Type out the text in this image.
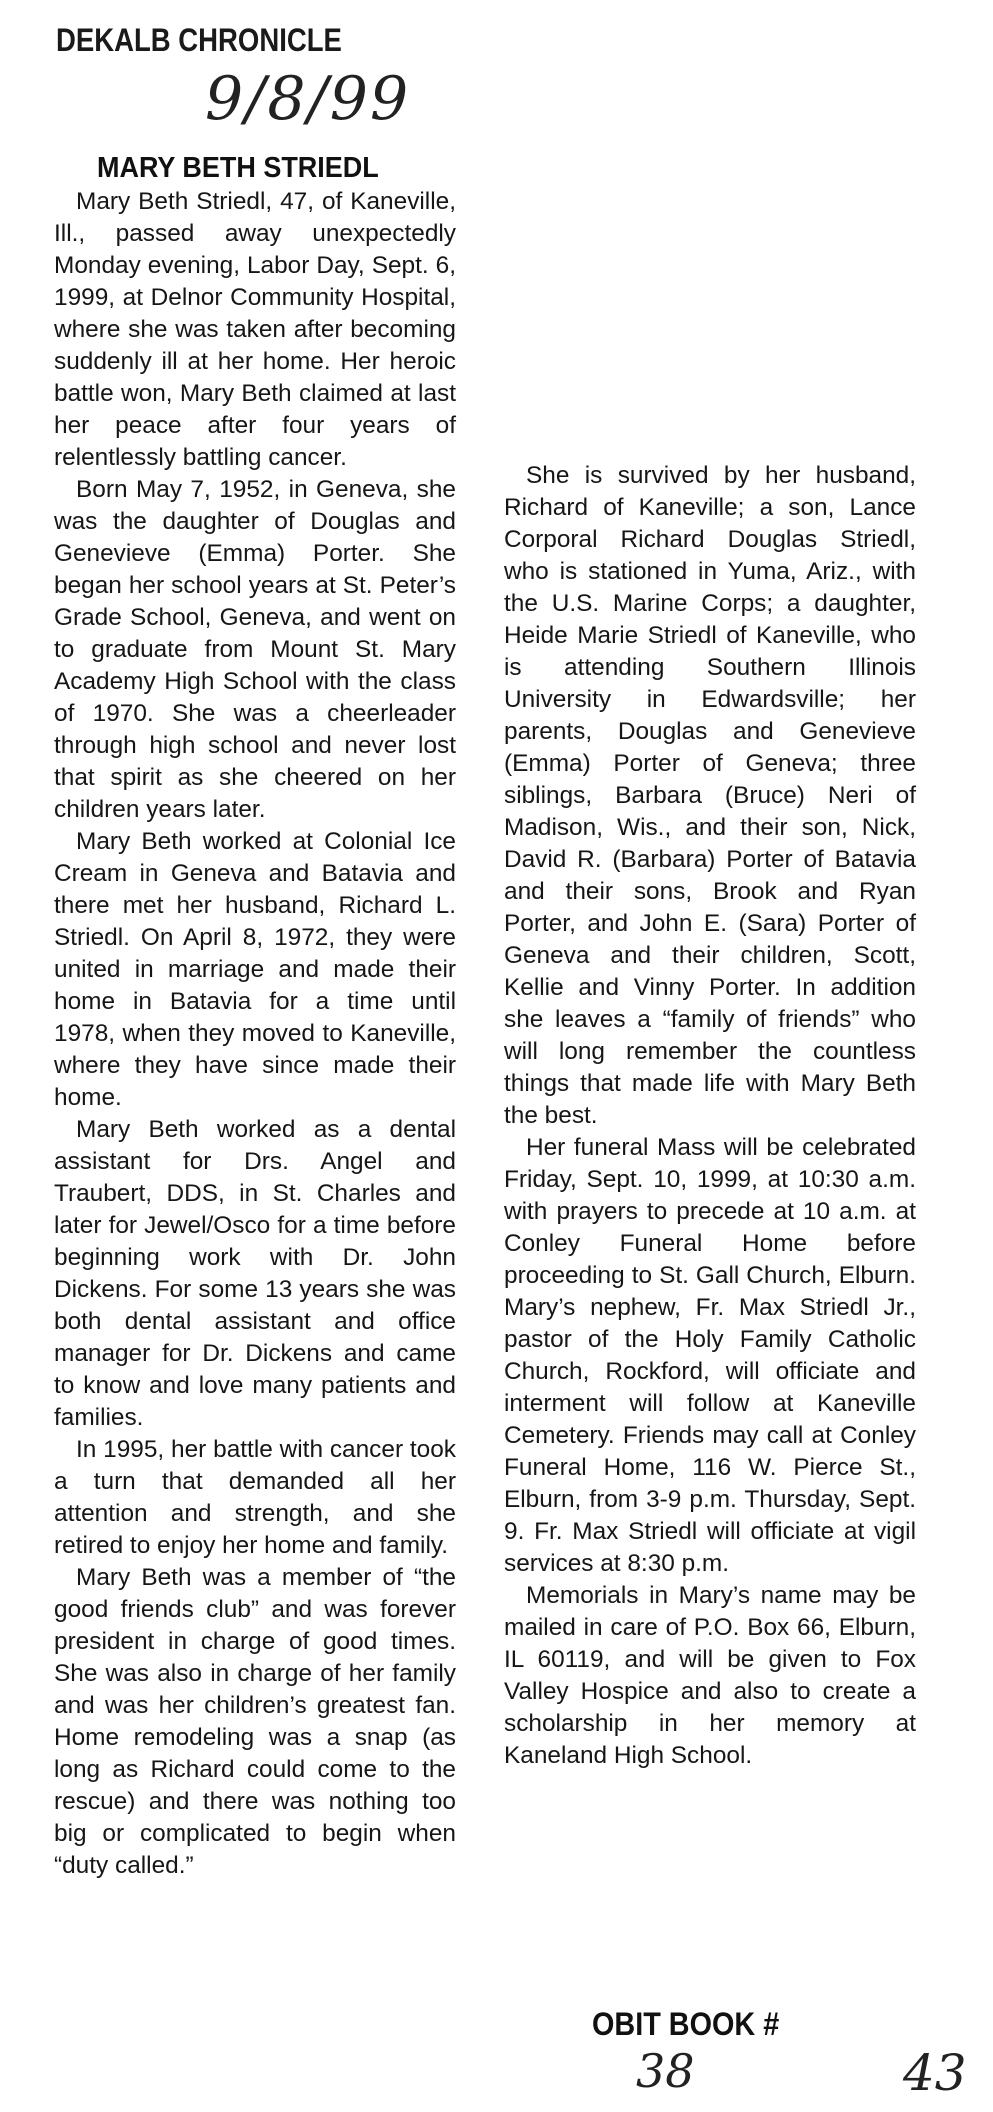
DEKALB CHRONICLE
9/8/99
MARY BETH STRIEDL

Mary Beth Striedl, 47, of Kaneville, Ill., passed away unexpectedly Monday evening, Labor Day, Sept. 6, 1999, at Delnor Community Hospital, where she was taken after becoming suddenly ill at her home. Her heroic battle won, Mary Beth claimed at last her peace after four years of relentlessly battling cancer.

Born May 7, 1952, in Geneva, she was the daughter of Douglas and Genevieve (Emma) Porter. She began her school years at St. Peter’s Grade School, Geneva, and went on to graduate from Mount St. Mary Academy High School with the class of 1970. She was a cheerleader through high school and never lost that spirit as she cheered on her children years later.

Mary Beth worked at Colonial Ice Cream in Geneva and Batavia and there met her husband, Richard L. Striedl. On April 8, 1972, they were united in marriage and made their home in Batavia for a time until 1978, when they moved to Kaneville, where they have since made their home.

Mary Beth worked as a dental assistant for Drs. Angel and Traubert, DDS, in St. Charles and later for Jewel/Osco for a time before beginning work with Dr. John Dickens. For some 13 years she was both dental assistant and office manager for Dr. Dickens and came to know and love many patients and families.

In 1995, her battle with cancer took a turn that demanded all her attention and strength, and she retired to enjoy her home and family.

Mary Beth was a member of “the good friends club” and was forever president in charge of good times. She was also in charge of her family and was her children’s greatest fan. Home remodeling was a snap (as long as Richard could come to the rescue) and there was nothing too big or complicated to begin when “duty called.”

She is survived by her husband, Richard of Kaneville; a son, Lance Corporal Richard Douglas Striedl, who is stationed in Yuma, Ariz., with the U.S. Marine Corps; a daughter, Heide Marie Striedl of Kaneville, who is attending Southern Illinois University in Edwardsville; her parents, Douglas and Genevieve (Emma) Porter of Geneva; three siblings, Barbara (Bruce) Neri of Madison, Wis., and their son, Nick, David R. (Barbara) Porter of Batavia and their sons, Brook and Ryan Porter, and John E. (Sara) Porter of Geneva and their children, Scott, Kellie and Vinny Porter. In addition she leaves a “family of friends” who will long remember the countless things that made life with Mary Beth the best.

Her funeral Mass will be celebrated Friday, Sept. 10, 1999, at 10:30 a.m. with prayers to precede at 10 a.m. at Conley Funeral Home before proceeding to St. Gall Church, Elburn. Mary’s nephew, Fr. Max Striedl Jr., pastor of the Holy Family Catholic Church, Rockford, will officiate and interment will follow at Kaneville Cemetery. Friends may call at Conley Funeral Home, 116 W. Pierce St., Elburn, from 3-9 p.m. Thursday, Sept. 9. Fr. Max Striedl will officiate at vigil services at 8:30 p.m.

Memorials in Mary’s name may be mailed in care of P.O. Box 66, Elburn, IL 60119, and will be given to Fox Valley Hospice and also to create a scholarship in her memory at Kaneland High School.

OBIT BOOK #
38	43
